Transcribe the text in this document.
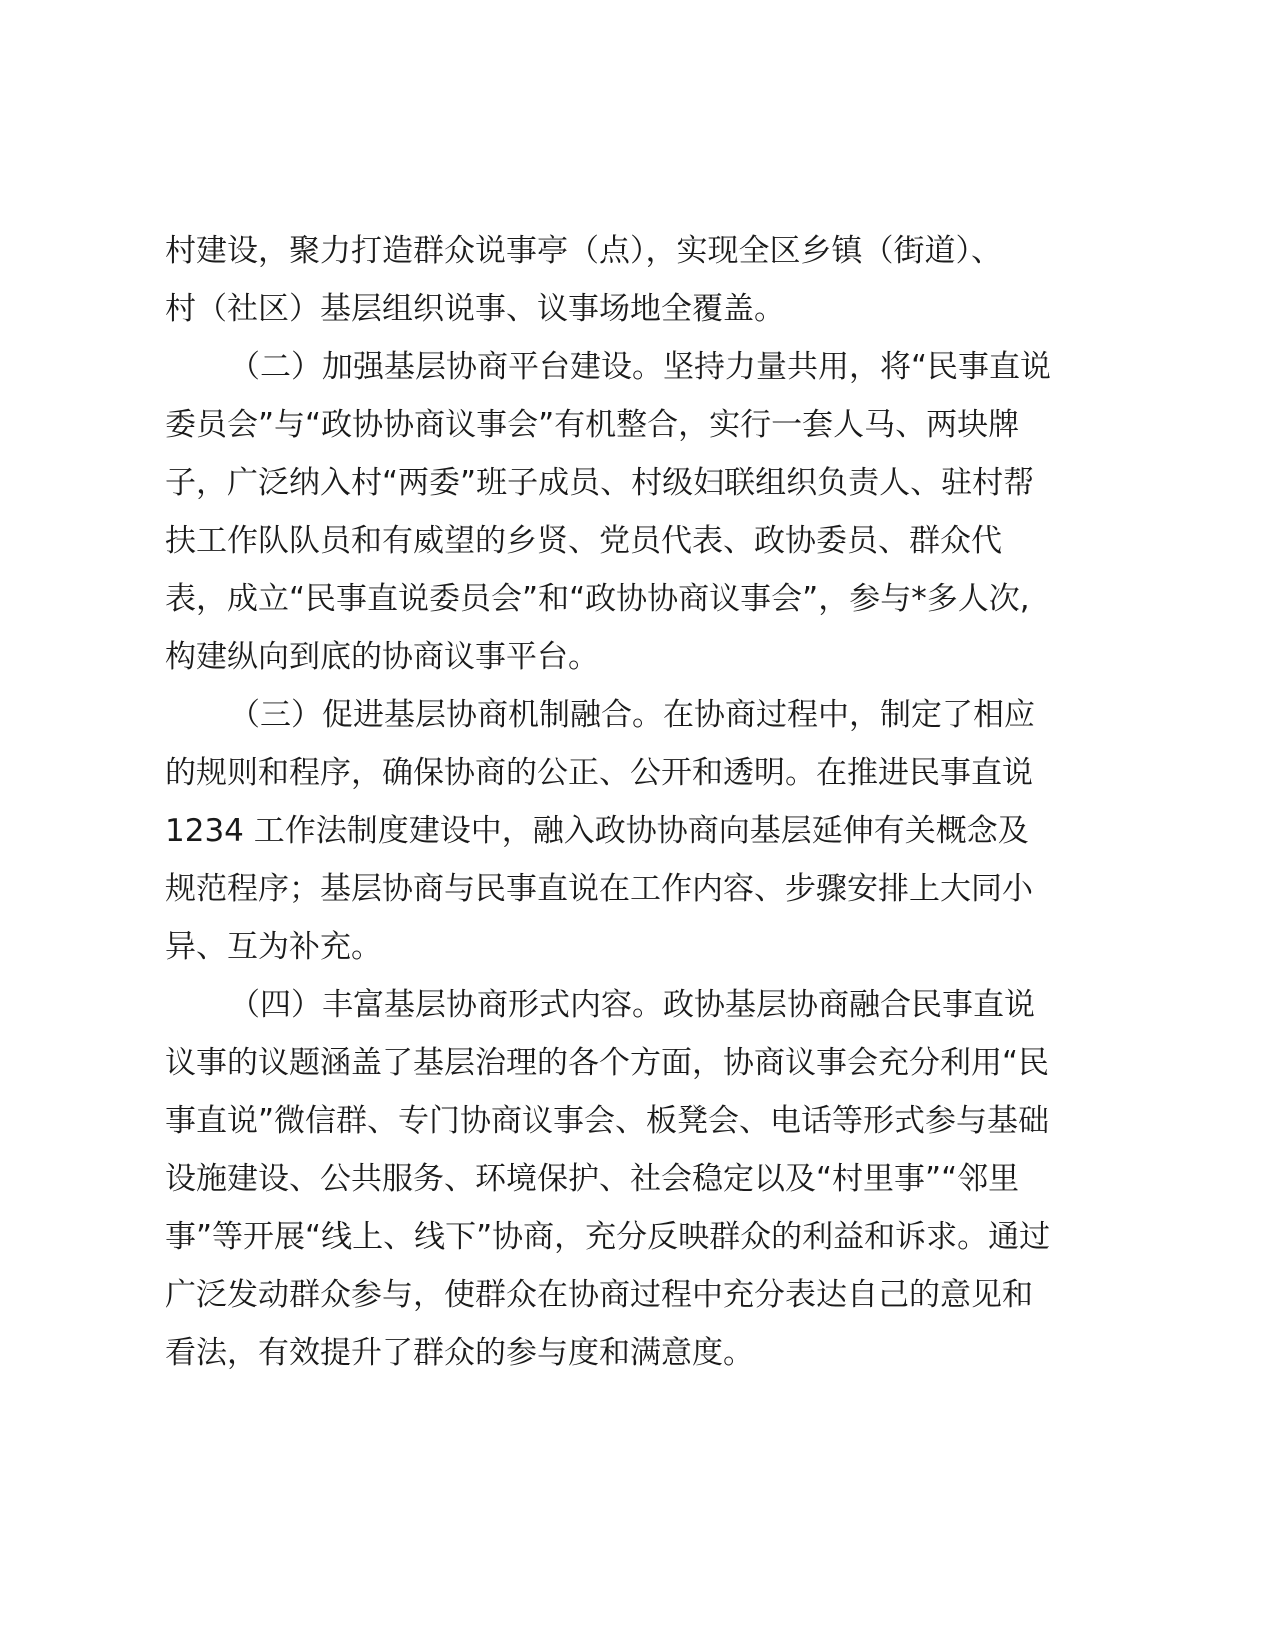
村建设，聚力打造群众说事亭（点），实现全区乡镇（街道）、
村（社区）基层组织说事、议事场地全覆盖。
（二）加强基层协商平台建设。坚持力量共用，将“民事直说
委员会”与“政协协商议事会”有机整合，实行一套人马、两块牌
子，广泛纳入村“两委”班子成员、村级妇联组织负责人、驻村帮
扶工作队队员和有威望的乡贤、党员代表、政协委员、群众代
表，成立“民事直说委员会”和“政协协商议事会”，参与*多人次,
构建纵向到底的协商议事平台。
（三）促进基层协商机制融合。在协商过程中，制定了相应
的规则和程序，确保协商的公正、公开和透明。在推进民事直说
1234 工作法制度建设中，融入政协协商向基层延伸有关概念及
规范程序；基层协商与民事直说在工作内容、步骤安排上大同小
异、互为补充。
（四）丰富基层协商形式内容。政协基层协商融合民事直说
议事的议题涵盖了基层治理的各个方面，协商议事会充分利用“民
事直说”微信群、专门协商议事会、板凳会、电话等形式参与基础
设施建设、公共服务、环境保护、社会稳定以及“村里事”“邻里
事”等开展“线上、线下”协商，充分反映群众的利益和诉求。通过
广泛发动群众参与，使群众在协商过程中充分表达自己的意见和
看法，有效提升了群众的参与度和满意度。
